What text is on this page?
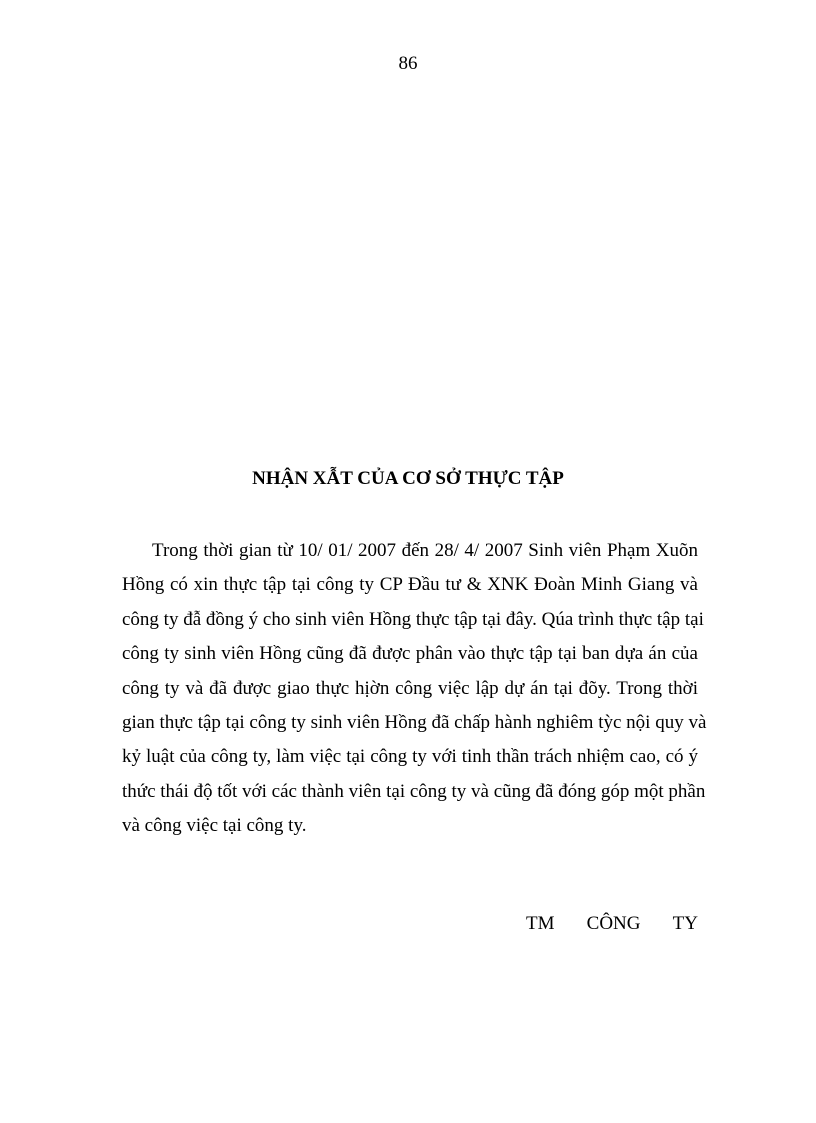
86
NHẬN XẪT CỦA CƠ SỞ THỰC TẬP
Trong thời gian từ 10/ 01/ 2007 đến 28/ 4/ 2007 Sinh viên Phạm Xuõn
Hồng có xin thực tập tại công ty CP Đầu tư & XNK Đoàn Minh Giang và
công ty đẫ đồng ý cho sinh viên Hồng thực tập tại đây. Qúa trình thực tập tại
công ty sinh viên Hồng cũng đã được phân vào thực tập tại ban dựa án của
công ty và đã được giao thực hịờn công việc lập dự án tại đõy. Trong thời
gian thực tập tại công ty sinh viên Hồng đã chấp hành nghiêm tỳc nội quy và
kỷ luật của công ty, làm việc tại công ty với tinh thần trách nhiệm cao, có ý
thức thái độ tốt với các thành viên tại công ty và cũng đã đóng góp một phần
và công việc tại công ty.
TM CÔNG TY
